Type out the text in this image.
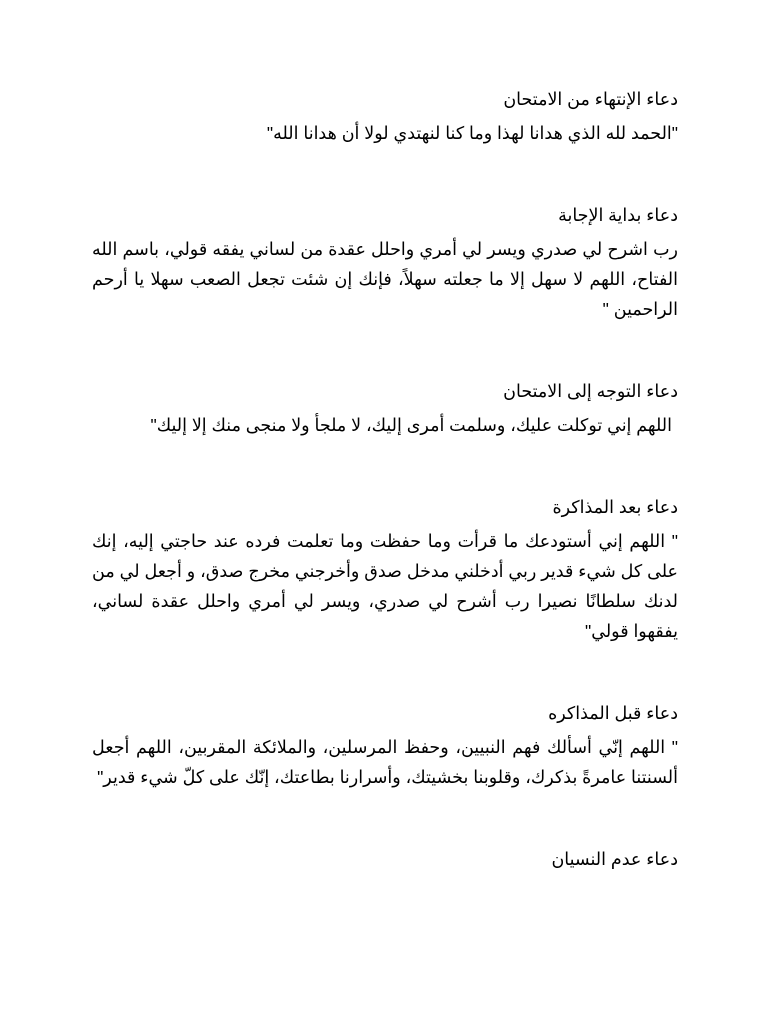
دعاء الإنتهاء من الامتحان

"الحمد لله الذي هدانا لهذا وما كنا لنهتدي لولا أن هدانا الله"

دعاء بداية الإجابة

رب اشرح لي صدري ويسر لي أمري واحلل عقدة من لساني يفقه قولي، باسم الله الفتاح، اللهم لا سهل إلا ما جعلته سهلاً، فإنك إن شئت تجعل الصعب سهلا يا أرحم الراحمين "

دعاء التوجه إلى الامتحان

اللهم إني توكلت عليك، وسلمت أمرى إليك، لا ملجأ ولا منجى منك إلا إليك"

دعاء بعد المذاكرة

" اللهم إني أستودعك ما قرأت وما حفظت وما تعلمت فرده عند حاجتي إليه، إنك على كل شيء قدير ربي أدخلني مدخل صدق وأخرجني مخرج صدق، و أجعل لي من لدنك سلطانًا نصيرا رب أشرح لي صدري، ويسر لي أمري واحلل عقدة لساني، يفقهوا قولي"

دعاء قبل المذاكره

" اللهم إنّي أسألك فهم النبيين، وحفظ المرسلين، والملائكة المقربين، اللهم أجعل ألسنتنا عامرةً بذكرك، وقلوبنا بخشيتك، وأسرارنا بطاعتك، إنّك على كلّ شيء قدير"

دعاء عدم النسيان
